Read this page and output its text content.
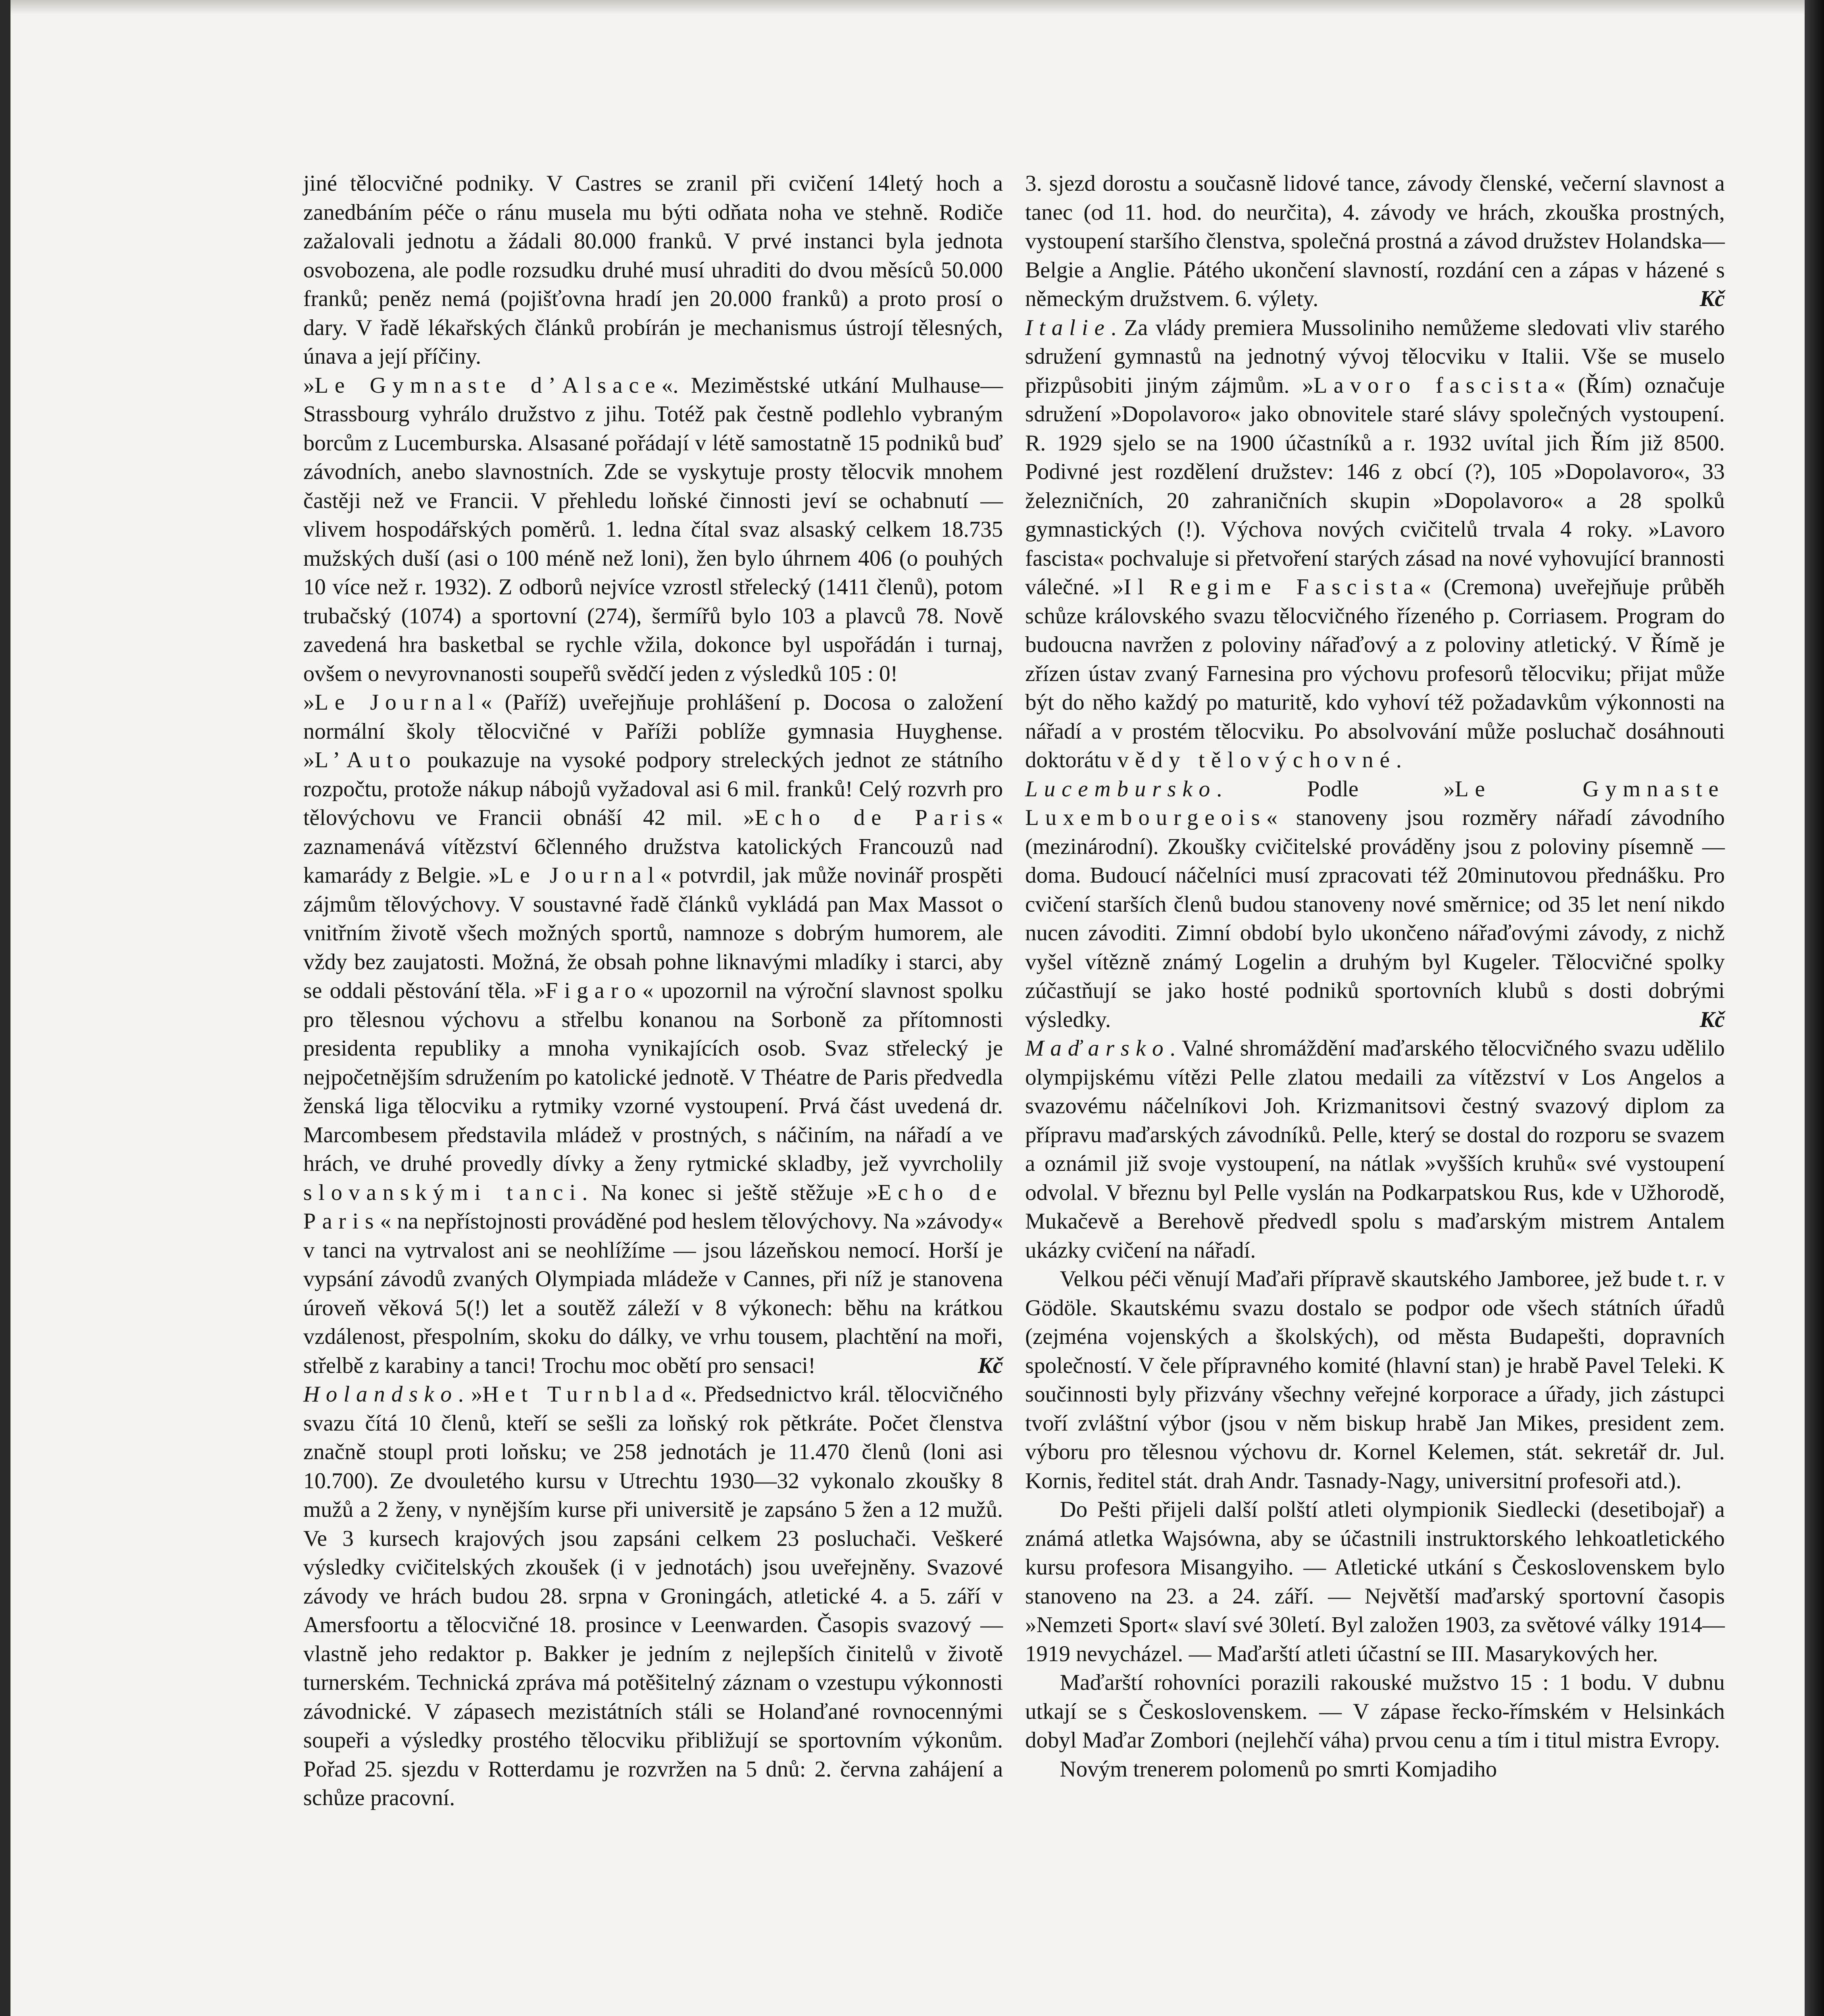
jiné tělocvičné podniky. V Castres se zranil při cvičení 14letý hoch a zanedbáním péče o ránu musela mu býti odňata noha ve stehně. Rodiče zažalovali jednotu a žádali 80.000 franků. V prvé instanci byla jednota osvobozena, ale podle rozsudku druhé musí uhraditi do dvou měsíců 50.000 franků; peněz nemá (pojišťovna hradí jen 20.000 franků) a proto prosí o dary. V řadě lékařských článků probírán je mechanismus ústrojí tělesných, únava a její příčiny.

»Le Gymnaste d’Alsace«. Meziměstské utkání Mulhause—Strassbourg vyhrálo družstvo z jihu. Totéž pak čestně podlehlo vybraným borcům z Lucemburska. Alsasané pořádají v létě samostatně 15 podniků buď závodních, anebo slavnostních. Zde se vyskytuje prosty tělocvik mnohem častěji než ve Francii. V přehledu loňské činnosti jeví se ochabnutí — vlivem hospodářských poměrů. 1. ledna čítal svaz alsaský celkem 18.735 mužských duší (asi o 100 méně než loni), žen bylo úhrnem 406 (o pouhých 10 více než r. 1932). Z odborů nejvíce vzrostl střelecký (1411 členů), potom trubačský (1074) a sportovní (274), šermířů bylo 103 a plavců 78. Nově zavedená hra basketbal se rychle vžila, dokonce byl uspořádán i turnaj, ovšem o nevyrovnanosti soupeřů svědčí jeden z výsledků 105 : 0!

»Le Journal« (Paříž) uveřejňuje prohlášení p. Docosa o založení normální školy tělocvičné v Paříži poblíže gymnasia Huyghense. »L’Auto poukazuje na vysoké podpory streleckých jednot ze státního rozpočtu, protože nákup nábojů vyžadoval asi 6 mil. franků! Celý rozvrh pro tělovýchovu ve Francii obnáší 42 mil. »Echo de Paris« zaznamenává vítězství 6členného družstva katolických Francouzů nad kamarády z Belgie. »Le Journal« potvrdil, jak může novinář prospěti zájmům tělovýchovy. V soustavné řadě článků vykládá pan Max Massot o vnitřním životě všech možných sportů, namnoze s dobrým humorem, ale vždy bez zaujatosti. Možná, že obsah pohne liknavými mladíky i starci, aby se oddali pěstování těla. »Figaro« upozornil na výroční slavnost spolku pro tělesnou výchovu a střelbu konanou na Sorboně za přítomnosti presidenta republiky a mnoha vynikajících osob. Svaz střelecký je nejpočetnějším sdružením po katolické jednotě. V Théatre de Paris předvedla ženská liga tělocviku a rytmiky vzorné vystoupení. Prvá část uvedená dr. Marcombesem představila mládež v prostných, s náčiním, na nářadí a ve hrách, ve druhé provedly dívky a ženy rytmické skladby, jež vyvrcholily slovanskými tanci. Na konec si ještě stěžuje »Echo de Paris« na nepřístojnosti prováděné pod heslem tělovýchovy. Na »závody« v tanci na vytrvalost ani se neohlížíme — jsou lázeňskou nemocí. Horší je vypsání závodů zvaných Olympiada mládeže v Cannes, při níž je stanovena úroveň věková 5(!) let a soutěž záleží v 8 výkonech: běhu na krátkou vzdálenost, přespolním, skoku do dálky, ve vrhu tousem, plachtění na moři, střelbě z karabiny a tanci! Trochu moc obětí pro sensaci!	Kč

Holandsko. »Het Turnblad«. Předsednictvo král. tělocvičného svazu čítá 10 členů, kteří se sešli za loňský rok pětkráte. Počet členstva značně stoupl proti loňsku; ve 258 jednotách je 11.470 členů (loni asi 10.700). Ze dvouletého kursu v Utrechtu 1930—32 vykonalo zkoušky 8 mužů a 2 ženy, v nynějším kurse při universitě je zapsáno 5 žen a 12 mužů. Ve 3 kursech krajových jsou zapsáni celkem 23 posluchači. Veškeré výsledky cvičitelských zkoušek (i v jednotách) jsou uveřejněny. Svazové závody ve hrách budou 28. srpna v Groningách, atletické 4. a 5. září v Amersfoortu a tělocvičné 18. prosince v Leenwarden. Časopis svazový — vlastně jeho redaktor p. Bakker je jedním z nejlepších činitelů v životě turnerském. Technická zpráva má potěšitelný záznam o vzestupu výkonnosti závodnické. V zápasech mezistátních stáli se Holanďané rovnocennými soupeři a výsledky prostého tělocviku přibližují se sportovním výkonům. Pořad 25. sjezdu v Rotterdamu je rozvržen na 5 dnů: 2. června zahájení a schůze pracovní.

3. sjezd dorostu a současně lidové tance, závody členské, večerní slavnost a tanec (od 11. hod. do neurčita), 4. závody ve hrách, zkouška prostných, vystoupení staršího členstva, společná prostná a závod družstev Holandska—Belgie a Anglie. Pátého ukončení slavností, rozdání cen a zápas v házené s německým družstvem. 6. výlety.	Kč

Italie. Za vlády premiera Mussoliniho nemůžeme sledovati vliv starého sdružení gymnastů na jednotný vývoj tělocviku v Italii. Vše se muselo přizpůsobiti jiným zájmům. »Lavoro fascista« (Řím) označuje sdružení »Dopolavoro« jako obnovitele staré slávy společných vystoupení. R. 1929 sjelo se na 1900 účastníků a r. 1932 uvítal jich Řím již 8500. Podivné jest rozdělení družstev: 146 z obcí (?), 105 »Dopolavoro«, 33 železničních, 20 zahraničních skupin »Dopolavoro« a 28 spolků gymnastických (!). Výchova nových cvičitelů trvala 4 roky. »Lavoro fascista« pochvaluje si přetvoření starých zásad na nové vyhovující brannosti válečné. »Il Regime Fascista« (Cremona) uveřejňuje průběh schůze královského svazu tělocvičného řízeného p. Corriasem. Program do budoucna navržen z poloviny nářaďový a z poloviny atletický. V Římě je zřízen ústav zvaný Farnesina pro výchovu profesorů tělocviku; přijat může být do něho každý po maturitě, kdo vyhoví též požadavkům výkonnosti na nářadí a v prostém tělocviku. Po absolvování může posluchač dosáhnouti doktorátu vědy tělovýchovné.

Lucembursko. Podle »Le Gymnaste Luxembourgeois« stanoveny jsou rozměry nářadí závodního (mezinárodní). Zkoušky cvičitelské prováděny jsou z poloviny písemně — doma. Budoucí náčelníci musí zpracovati též 20minutovou přednášku. Pro cvičení starších členů budou stanoveny nové směrnice; od 35 let není nikdo nucen závoditi. Zimní období bylo ukončeno nářaďovými závody, z nichž vyšel vítězně známý Logelin a druhým byl Kugeler. Tělocvičné spolky zúčastňují se jako hosté podniků sportovních klubů s dosti dobrými výsledky.	Kč

Maďarsko. Valné shromáždění maďarského tělocvičného svazu udělilo olympijskému vítězi Pelle zlatou medaili za vítězství v Los Angelos a svazovému náčelníkovi Joh. Krizmanitsovi čestný svazový diplom za přípravu maďarských závodníků. Pelle, který se dostal do rozporu se svazem a oznámil již svoje vystoupení, na nátlak »vyšších kruhů« své vystoupení odvolal. V březnu byl Pelle vyslán na Podkarpatskou Rus, kde v Užhorodě, Mukačevě a Berehově předvedl spolu s maďarským mistrem Antalem ukázky cvičení na nářadí.

Velkou péči věnují Maďaři přípravě skautského Jamboree, jež bude t. r. v Gödöle. Skautskému svazu dostalo se podpor ode všech státních úřadů (zejména vojenských a školských), od města Budapešti, dopravních společností. V čele přípravného komité (hlavní stan) je hrabě Pavel Teleki. K součinnosti byly přizvány všechny veřejné korporace a úřady, jich zástupci tvoří zvláštní výbor (jsou v něm biskup hrabě Jan Mikes, president zem. výboru pro tělesnou výchovu dr. Kornel Kelemen, stát. sekretář dr. Jul. Kornis, ředitel stát. drah Andr. Tasnady-Nagy, universitní profesoři atd.).

Do Pešti přijeli další polští atleti olympionik Siedlecki (desetibojař) a známá atletka Wajsówna, aby se účastnili instruktorského lehkoatletického kursu profesora Misangyiho. — Atletické utkání s Československem bylo stanoveno na 23. a 24. září. — Největší maďarský sportovní časopis »Nemzeti Sport« slaví své 30letí. Byl založen 1903, za světové války 1914—1919 nevycházel. — Maďarští atleti účastní se III. Masarykových her.

Maďarští rohovníci porazili rakouské mužstvo 15 : 1 bodu. V dubnu utkají se s Československem. — V zápase řecko-římském v Helsinkách dobyl Maďar Zombori (nejlehčí váha) prvou cenu a tím i titul mistra Evropy.

Novým trenerem polomenů po smrti Komjadiho
